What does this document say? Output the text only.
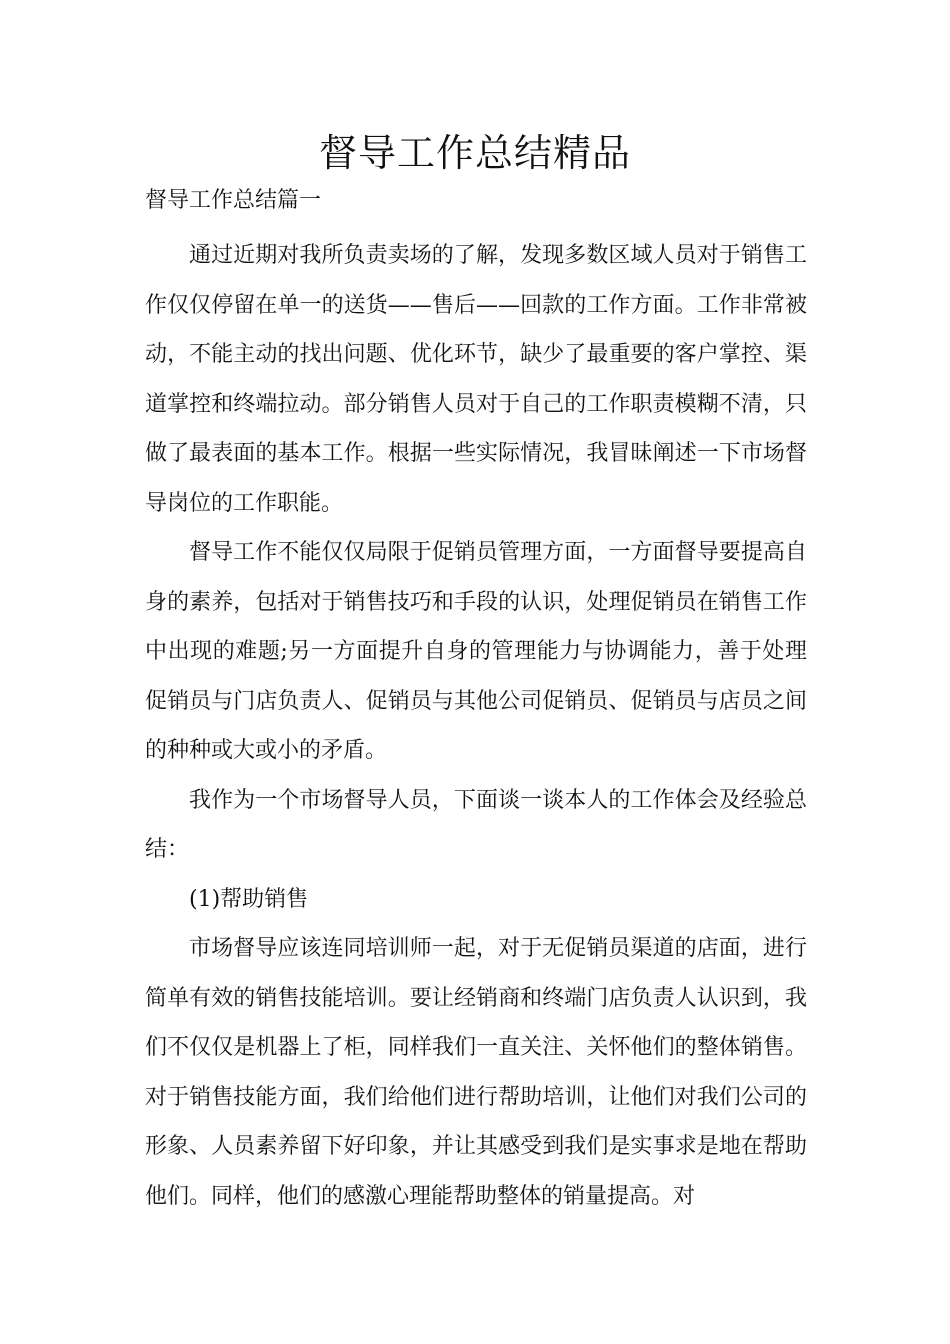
督导工作总结精品
督导工作总结篇一

通过近期对我所负责卖场的了解，发现多数区域人员对于销售工作仅仅停留在单一的送货——售后——回款的工作方面。工作非常被动，不能主动的找出问题、优化环节，缺少了最重要的客户掌控、渠道掌控和终端拉动。部分销售人员对于自己的工作职责模糊不清，只做了最表面的基本工作。根据一些实际情况，我冒昧阐述一下市场督导岗位的工作职能。

督导工作不能仅仅局限于促销员管理方面，一方面督导要提高自身的素养，包括对于销售技巧和手段的认识，处理促销员在销售工作中出现的难题;另一方面提升自身的管理能力与协调能力，善于处理促销员与门店负责人、促销员与其他公司促销员、促销员与店员之间的种种或大或小的矛盾。

我作为一个市场督导人员，下面谈一谈本人的工作体会及经验总结：

(1)帮助销售

市场督导应该连同培训师一起，对于无促销员渠道的店面，进行简单有效的销售技能培训。要让经销商和终端门店负责人认识到，我们不仅仅是机器上了柜，同样我们一直关注、关怀他们的整体销售。对于销售技能方面，我们给他们进行帮助培训，让他们对我们公司的形象、人员素养留下好印象，并让其感受到我们是实事求是地在帮助他们。同样，他们的感激心理能帮助整体的销量提高。对
